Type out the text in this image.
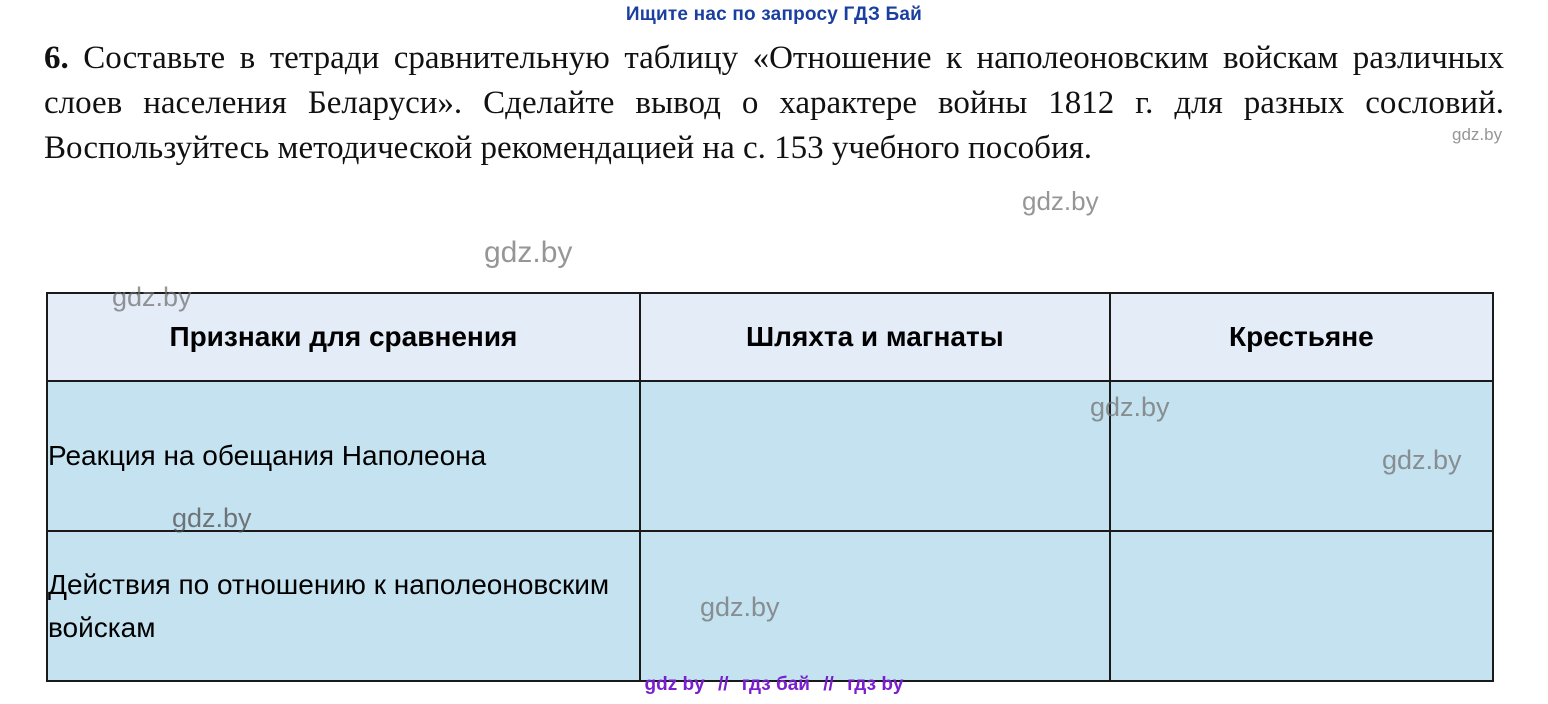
Ищите нас по запросу ГДЗ Бай
6. Составьте в тетради сравнительную таблицу «Отношение к наполеоновским войскам различных слоев населения Беларуси». Сделайте вывод о характере войны 1812 г. для разных сословий. Воспользуйтесь методической рекомендацией на с. 153 учебного пособия.
Признаки для сравнения	Шляхта и магнаты	Крестьяне
Реакция на обещания Наполеона		
Действия по отношению к наполеоновским войскам		
gdz.by
gdz.by
gdz.by
gdz.by
gdz.by
gdz.by
gdz.by
gdz.by
gdz by // гдз бай // гдз by
